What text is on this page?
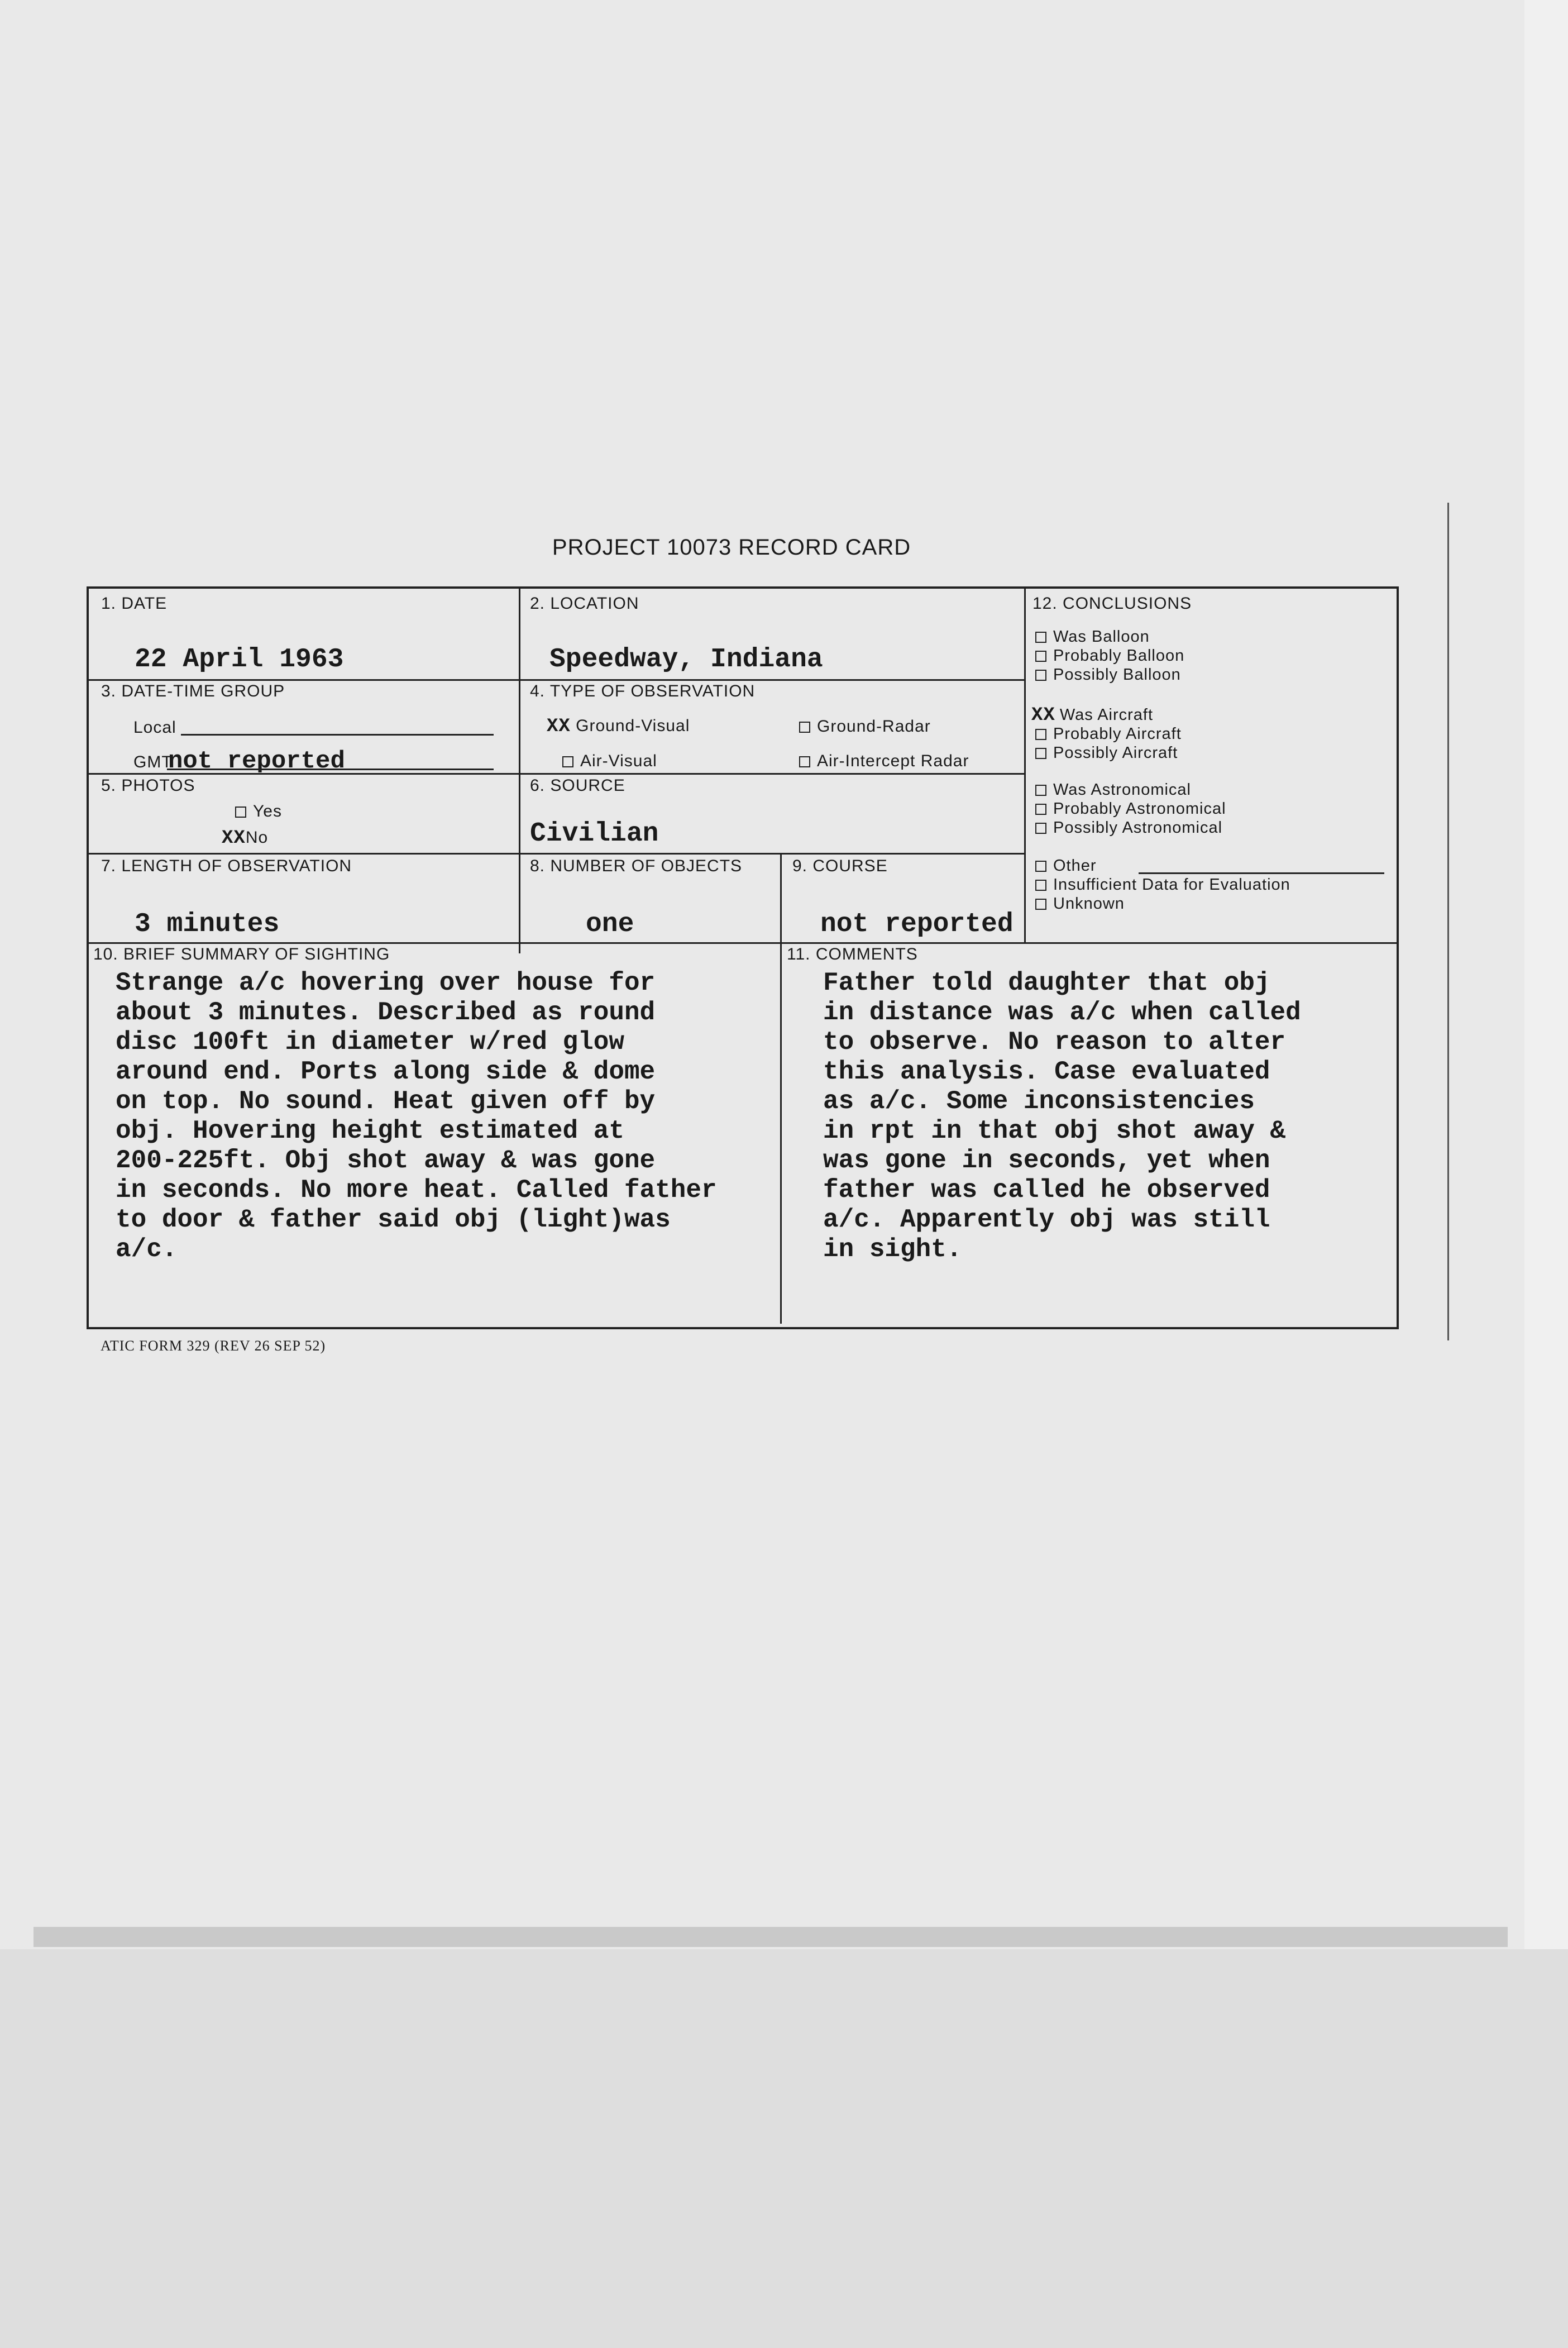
PROJECT 10073 RECORD CARD
1. DATE
22 April 1963
2. LOCATION
Speedway, Indiana
3. DATE-TIME GROUP
Local
GMT
not reported
4. TYPE OF OBSERVATION
XX Ground-Visual	Ground-Radar
Air-Visual	Air-Intercept Radar
5. PHOTOS
Yes
XXNo
6. SOURCE
Civilian
7. LENGTH OF OBSERVATION
3 minutes
8. NUMBER OF OBJECTS
one
9. COURSE
not reported
10. BRIEF SUMMARY OF SIGHTING
Strange a/c hovering over house for
about 3 minutes. Described as round
disc 100ft in diameter w/red glow
around end. Ports along side & dome
on top. No sound. Heat given off by
obj. Hovering height estimated at
200-225ft. Obj shot away & was gone
in seconds. No more heat. Called father
to door & father said obj (light)was
a/c.
11. COMMENTS
Father told daughter that obj
in distance was a/c when called
to observe. No reason to alter
this analysis. Case evaluated
as a/c. Some inconsistencies
in rpt in that obj shot away &
was gone in seconds, yet when
father was called he observed
a/c. Apparently obj was still
in sight.
12. CONCLUSIONS
Was Balloon
Probably Balloon
Possibly Balloon
XX Was Aircraft
Probably Aircraft
Possibly Aircraft
Was Astronomical
Probably Astronomical
Possibly Astronomical
Other
Insufficient Data for Evaluation
Unknown
ATIC FORM 329 (REV 26 SEP 52)
